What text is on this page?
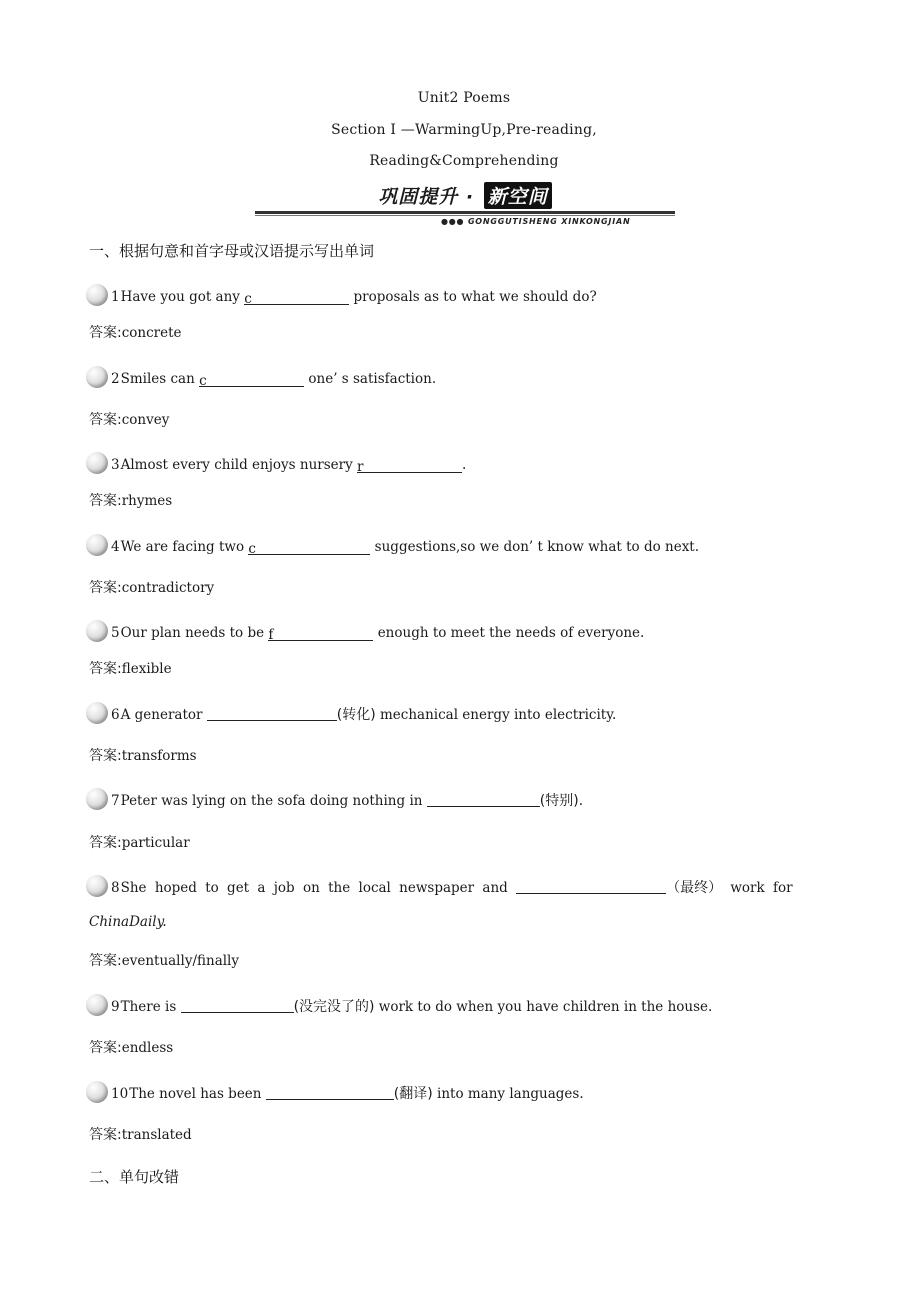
Unit2 Poems
Section Ⅰ —WarmingUp,Pre-reading,
Reading&Comprehending
巩固提升 · 新空间
●●● GONGGUTISHENG XINKONGJIAN
一、根据句意和首字母或汉语提示写出单词
1Have you got any c	proposals as to what we should do?
答案:concrete
2Smiles can c	one’ s satisfaction.
答案:convey
3Almost every child enjoys nursery r	.
答案:rhymes
4We are facing two c	suggestions,so we don’ t know what to do next.
答案:contradictory
5Our plan needs to be f	enough to meet the needs of everyone.
答案:flexible
6A generator	(转化) mechanical energy into electricity.
答案:transforms
7Peter was lying on the sofa doing nothing in	(特别).
答案:particular
8She hoped to get a job on the local newspaper and	（最终） work for
ChinaDaily.
答案:eventually/finally
9There is	(没完没了的) work to do when you have children in the house.
答案:endless
10The novel has been	(翻译) into many languages.
答案:translated
二、单句改错
